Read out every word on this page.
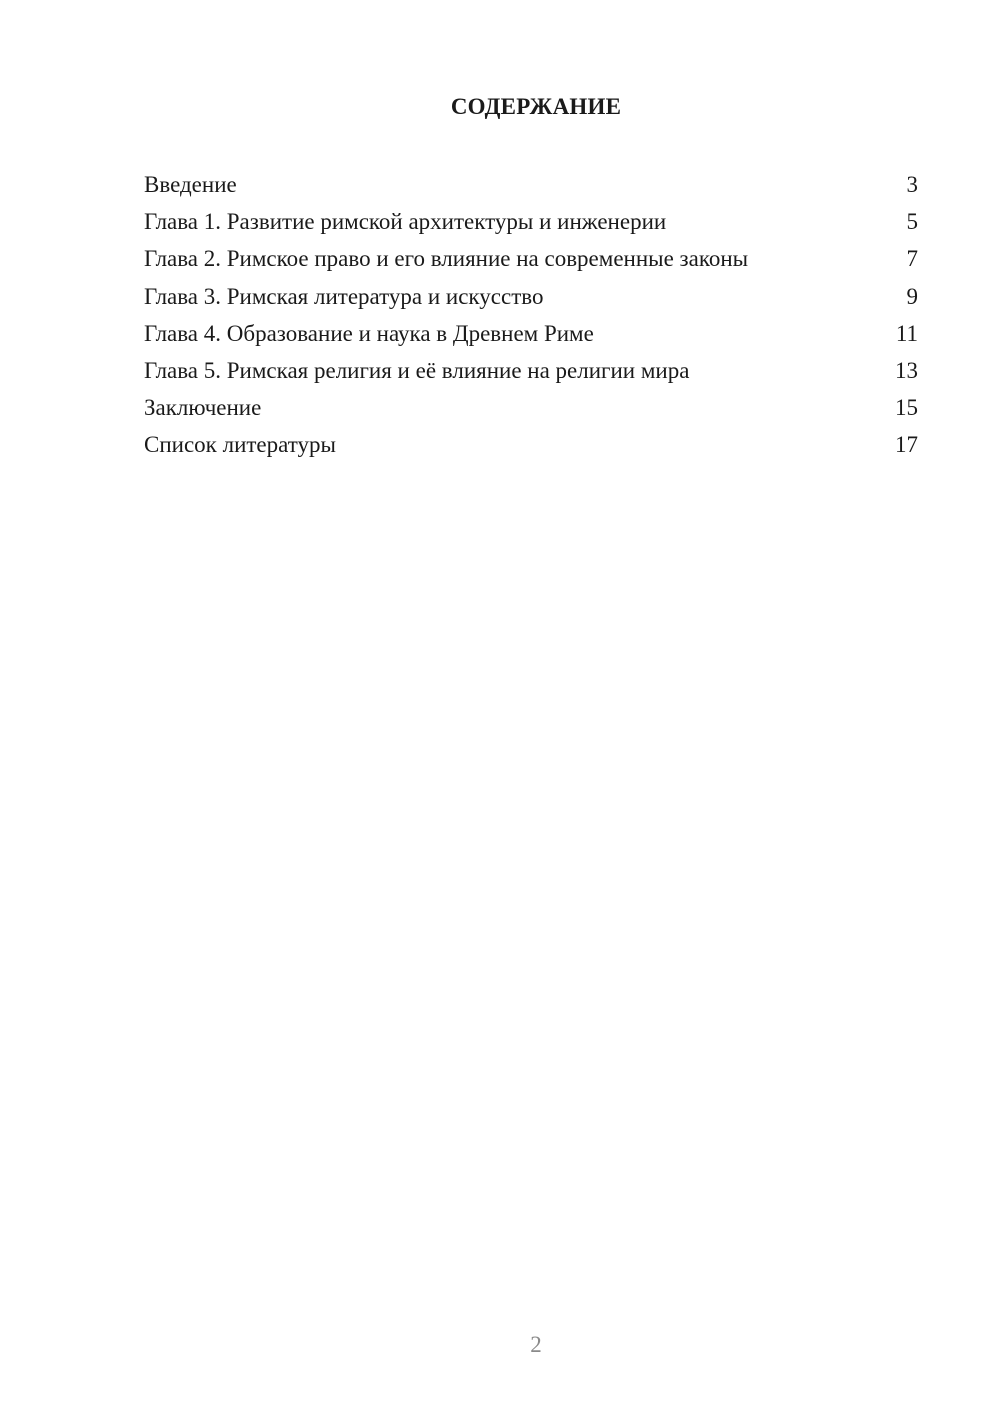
СОДЕРЖАНИЕ
Введение	3
Глава 1. Развитие римской архитектуры и инженерии	5
Глава 2. Римское право и его влияние на современные законы	7
Глава 3. Римская литература и искусство	9
Глава 4. Образование и наука в Древнем Риме	11
Глава 5. Римская религия и её влияние на религии мира	13
Заключение	15
Список литературы	17
2
